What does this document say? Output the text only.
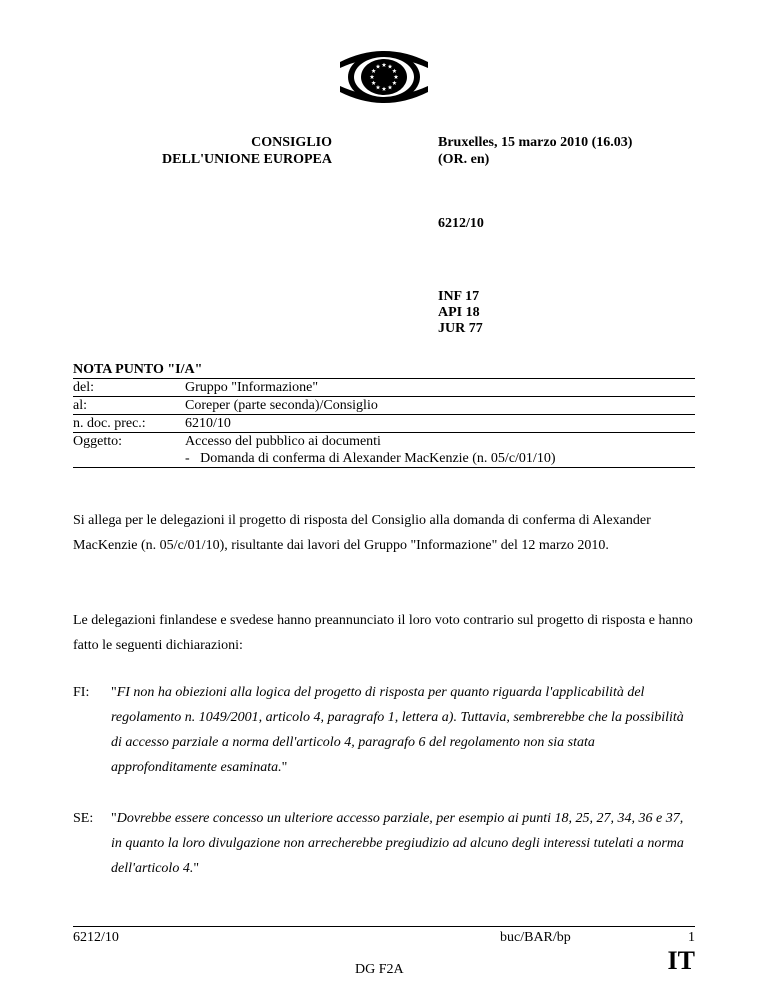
CONSIGLIO
DELL'UNIONE EUROPEA
Bruxelles, 15 marzo 2010 (16.03)
(OR. en)
6212/10
INF 17
API 18
JUR 77
NOTA PUNTO "I/A"
del:	Gruppo "Informazione"
al:	Coreper (parte seconda)/Consiglio
n. doc. prec.:	6210/10
Oggetto:	Accesso del pubblico ai documenti
-   Domanda di conferma di Alexander MacKenzie (n. 05/c/01/10)
Si allega per le delegazioni il progetto di risposta del Consiglio alla domanda di conferma di Alexander MacKenzie (n. 05/c/01/10), risultante dai lavori del Gruppo "Informazione" del 12 marzo 2010.
Le delegazioni finlandese e svedese hanno preannunciato il loro voto contrario sul progetto di risposta e hanno fatto le seguenti dichiarazioni:
FI: "FI non ha obiezioni alla logica del progetto di risposta per quanto riguarda l'applicabilità del regolamento n. 1049/2001, articolo 4, paragrafo 1, lettera a). Tuttavia, sembrerebbe che la possibilità di accesso parziale a norma dell'articolo 4, paragrafo 6 del regolamento non sia stata approfonditamente esaminata."
SE: "Dovrebbe essere concesso un ulteriore accesso parziale, per esempio ai punti 18, 25, 27, 34, 36 e 37, in quanto la loro divulgazione non arrecherebbe pregiudizio ad alcuno degli interessi tutelati a norma dell'articolo 4."
6212/10	buc/BAR/bp	1
DG F2A	IT
